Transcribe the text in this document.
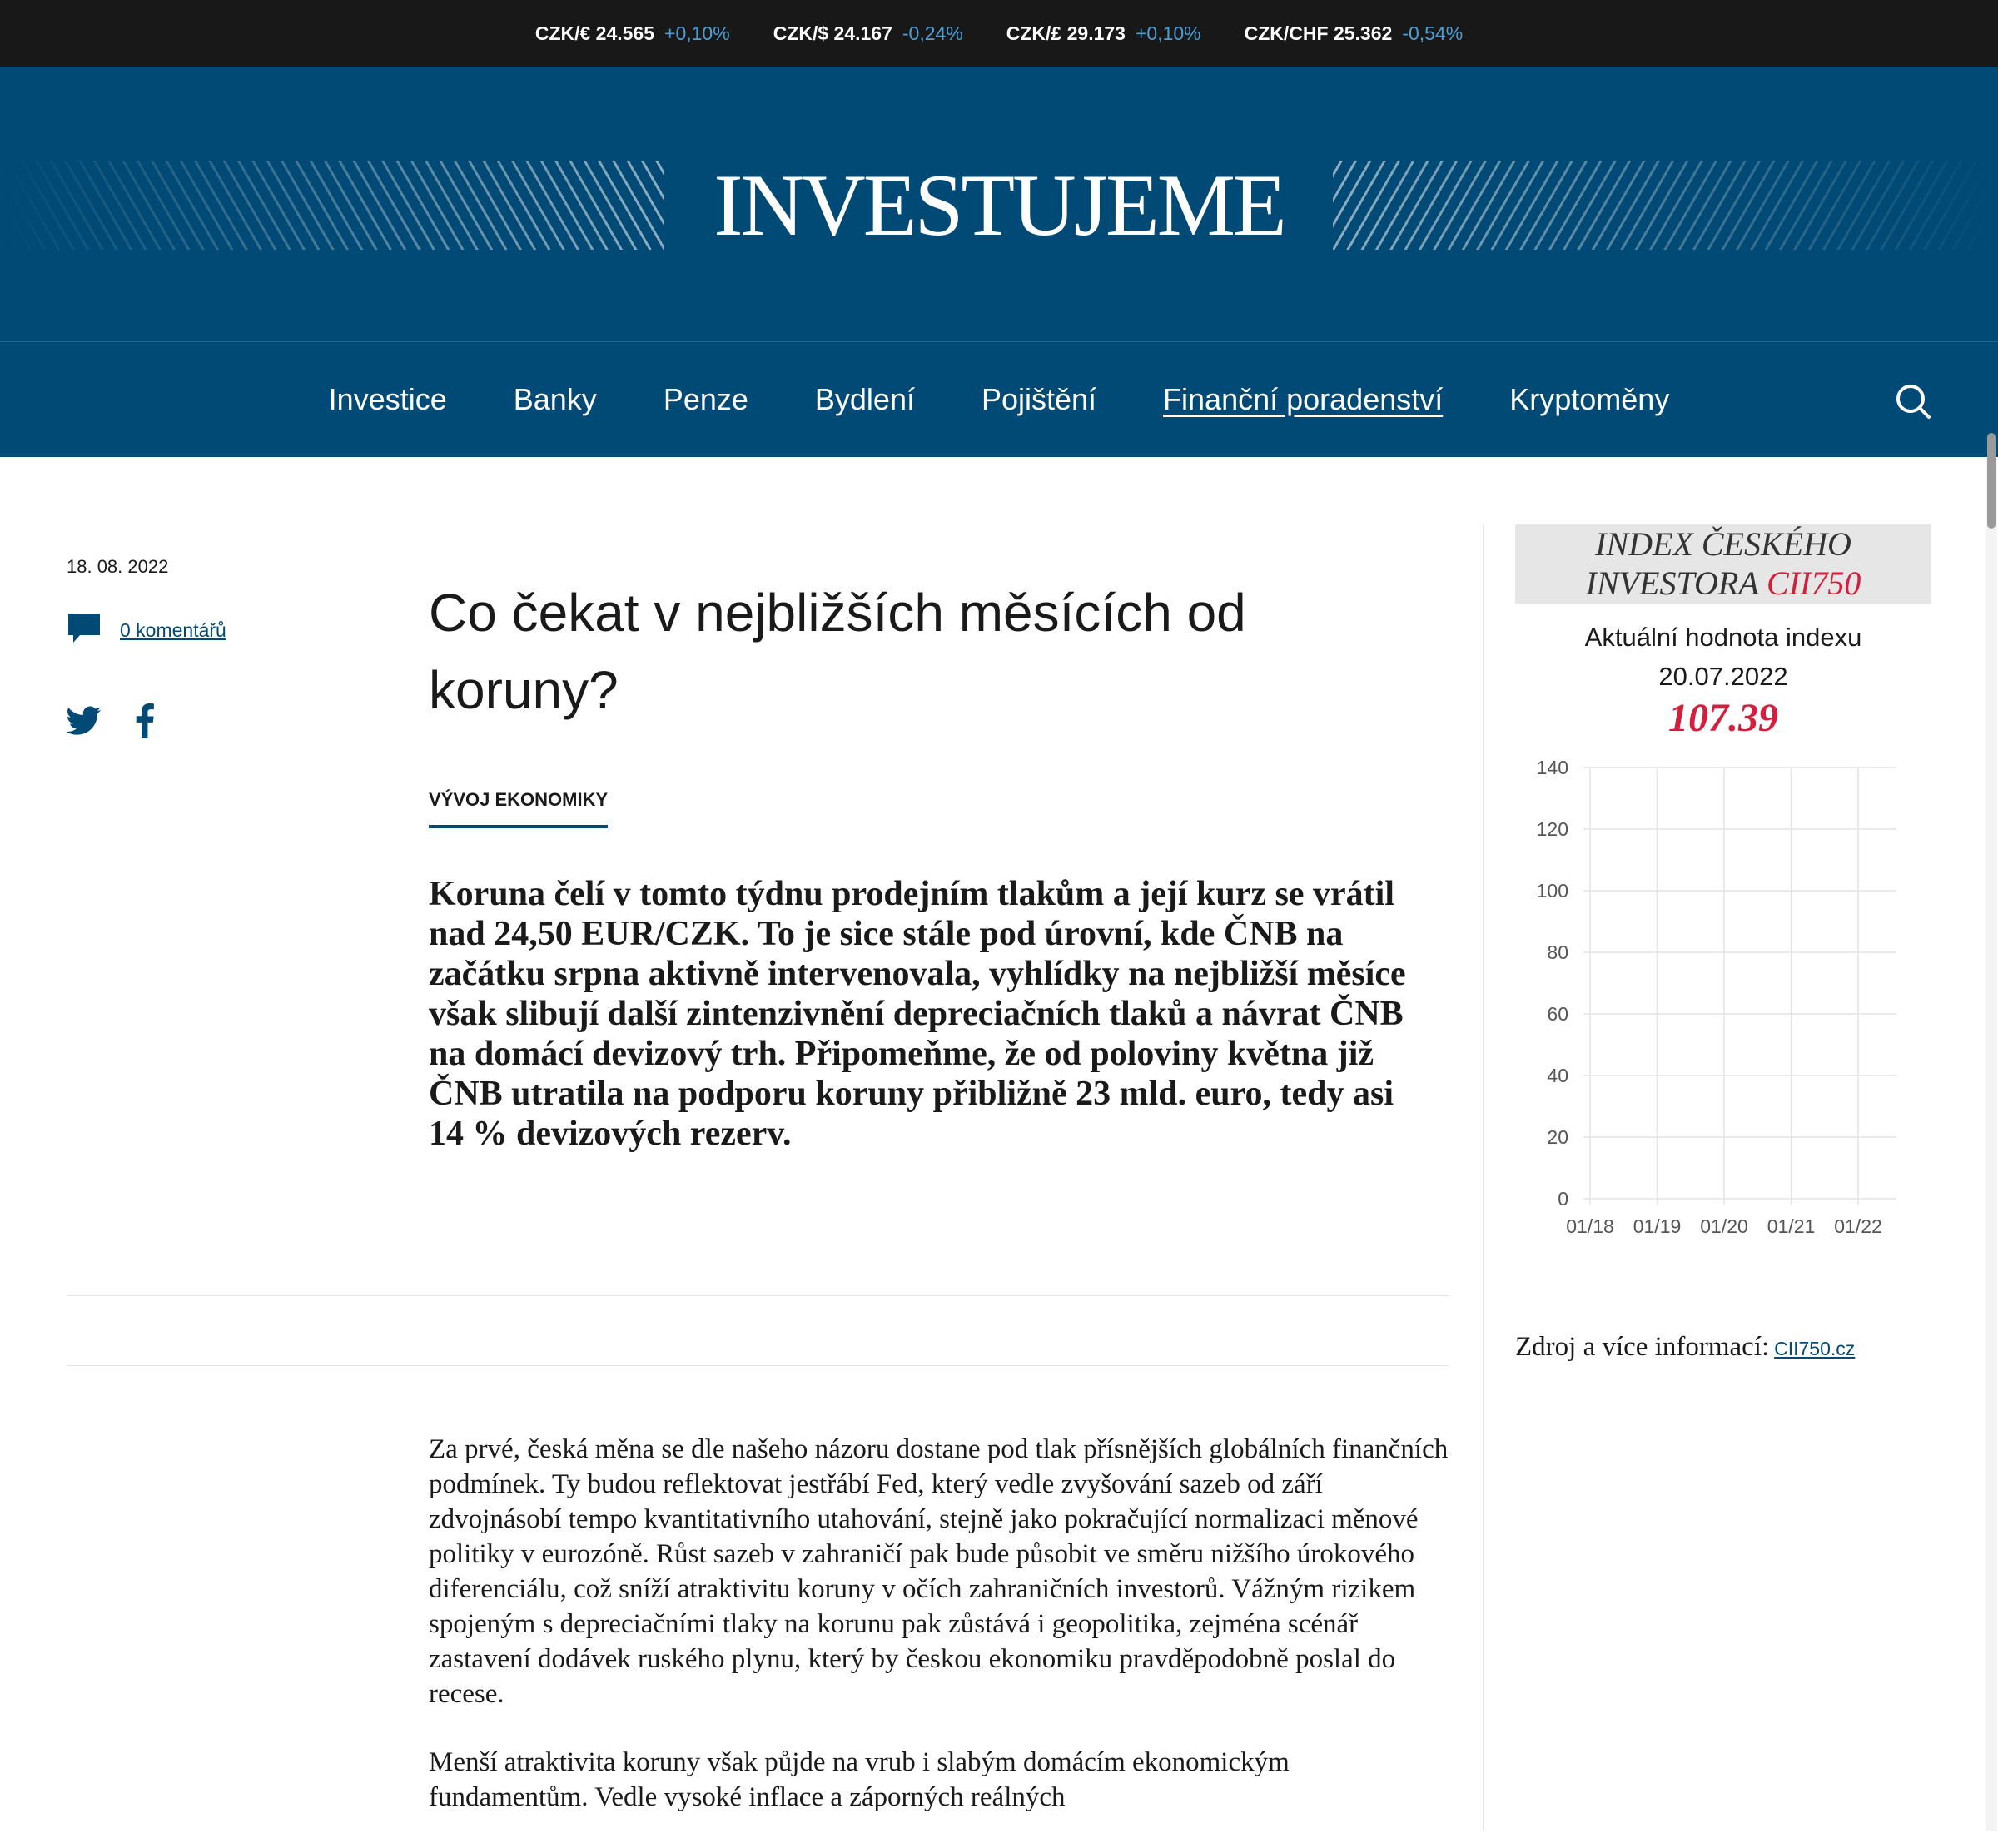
CZK/€ 24.565 +0,10% CZK/$ 24.167 -0,24% CZK/£ 29.173 +0,10% CZK/CHF 25.362 -0,54%
INVESTUJEME
Investice Banky Penze Bydlení Pojištění Finanční poradenství Kryptoměny
18. 08. 2022
0 komentářů	Co čekat v nejbližších měsících od koruny?
VÝVOJ EKONOMIKY

Koruna čelí v tomto týdnu prodejním tlakům a její kurz se vrátil nad 24,50 EUR/CZK. To je sice stále pod úrovní, kde ČNB na začátku srpna aktivně intervenovala, vyhlídky na nejbližší měsíce však slibují další zintenzivnění depreciačních tlaků a návrat ČNB na domácí devizový trh. Připomeňme, že od poloviny května již ČNB utratila na podporu koruny přibližně 23 mld. euro, tedy asi 14 % devizových rezerv.

Za prvé, česká měna se dle našeho názoru dostane pod tlak přísnějších globálních finančních podmínek. Ty budou reflektovat jestřábí Fed, který vedle zvyšování sazeb od září zdvojnásobí tempo kvantitativního utahování, stejně jako pokračující normalizaci měnové politiky v eurozóně. Růst sazeb v zahraničí pak bude působit ve směru nižšího úrokového diferenciálu, což sníží atraktivitu koruny v očích zahraničních investorů. Vážným rizikem spojeným s depreciačními tlaky na korunu pak zůstává i geopolitika, zejména scénář zastavení dodávek ruského plynu, který by českou ekonomiku pravděpodobně poslal do recese.

Menší atraktivita koruny však půjde na vrub i slabým domácím ekonomickým fundamentům. Vedle vysoké inflace a záporných reálných

INDEX ČESKÉHO
INVESTORA CII750
Aktuální hodnota indexu
20.07.2022
107.39
0
20
40
60
80
100
120
140
01/18 01/19 01/20 01/21 01/22
Zdroj a více informací: CII750.cz
